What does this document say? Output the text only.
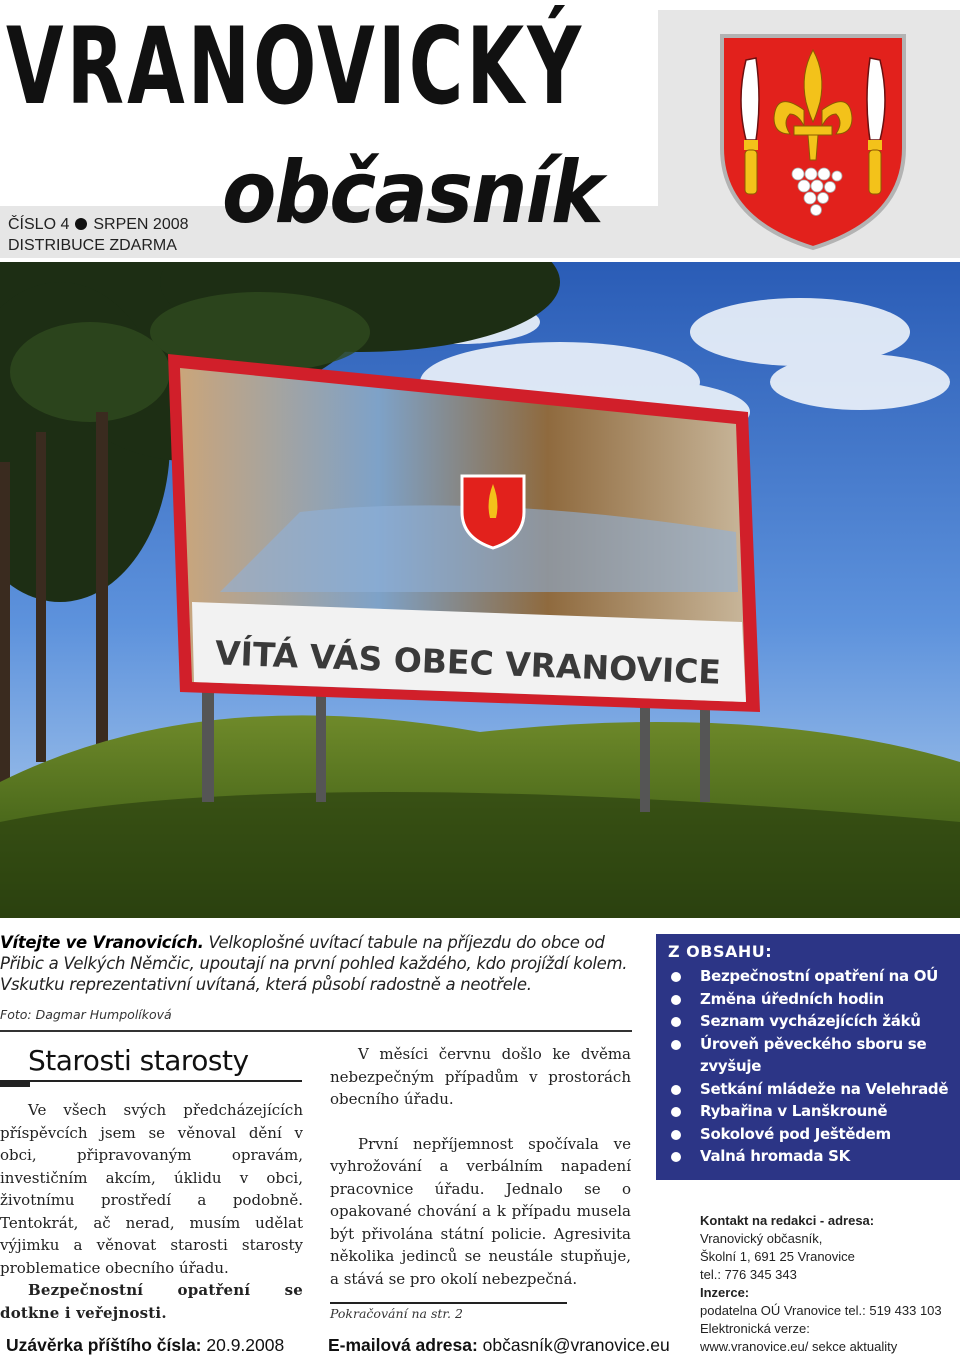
VRANOVICKÝ
občasník
ČÍSLO 4 SRPEN 2008
DISTRIBUCE ZDARMA
VÍTÁ VÁS OBEC VRANOVICE
Vítejte ve Vranovicích. Velkoplošné uvítací tabule na příjezdu do obce od Přibic a Velkých Němčic, upoutají na první pohled každého, kdo projíždí kolem. Vskutku reprezentativní uvítaná, která působí radostně a neotřele.
Foto: Dagmar Humpolíková
Starosti starosty

Ve všech svých předcházejících příspěvcích jsem se věnoval dění v obci, připravovaným opravám, investičním akcím, úklidu v obci, životnímu prostředí a podobně. Tentokrát, ač nerad, musím udělat výjimku a věnovat starosti starosty problematice obecního úřadu.

Bezpečnostní opatření se dotkne i veřejnosti.

V měsíci červnu došlo ke dvěma nebezpečným případům v prostorách obecního úřadu.

První nepříjemnost spočívala ve vyhrožování a verbálním napadení pracovnice úřadu. Jednalo se o opakované chování a k případu musela být přivolána státní policie. Agresivita několika jedinců se neustále stupňuje, a stává se pro okolí nebezpečná.

Pokračování na str. 2
Uzávěrka příštího čísla: 20.9.2008	E-mailová adresa: občasník@vranovice.eu
Z OBSAHU:
Bezpečnostní opatření na OÚ
Změna úředních hodin
Seznam vycházejících žáků
Úroveň pěveckého sboru se zvyšuje
Setkání mládeže na Velehradě
Rybařina v Lanškrouně
Sokolové pod Ještědem
Valná hromada SK
Kontakt na redakci - adresa:
Vranovický občasník,
Školní 1, 691 25 Vranovice
tel.: 776 345 343
Inzerce:
podatelna OÚ Vranovice tel.: 519 433 103
Elektronická verze:
www.vranovice.eu/ sekce aktuality
